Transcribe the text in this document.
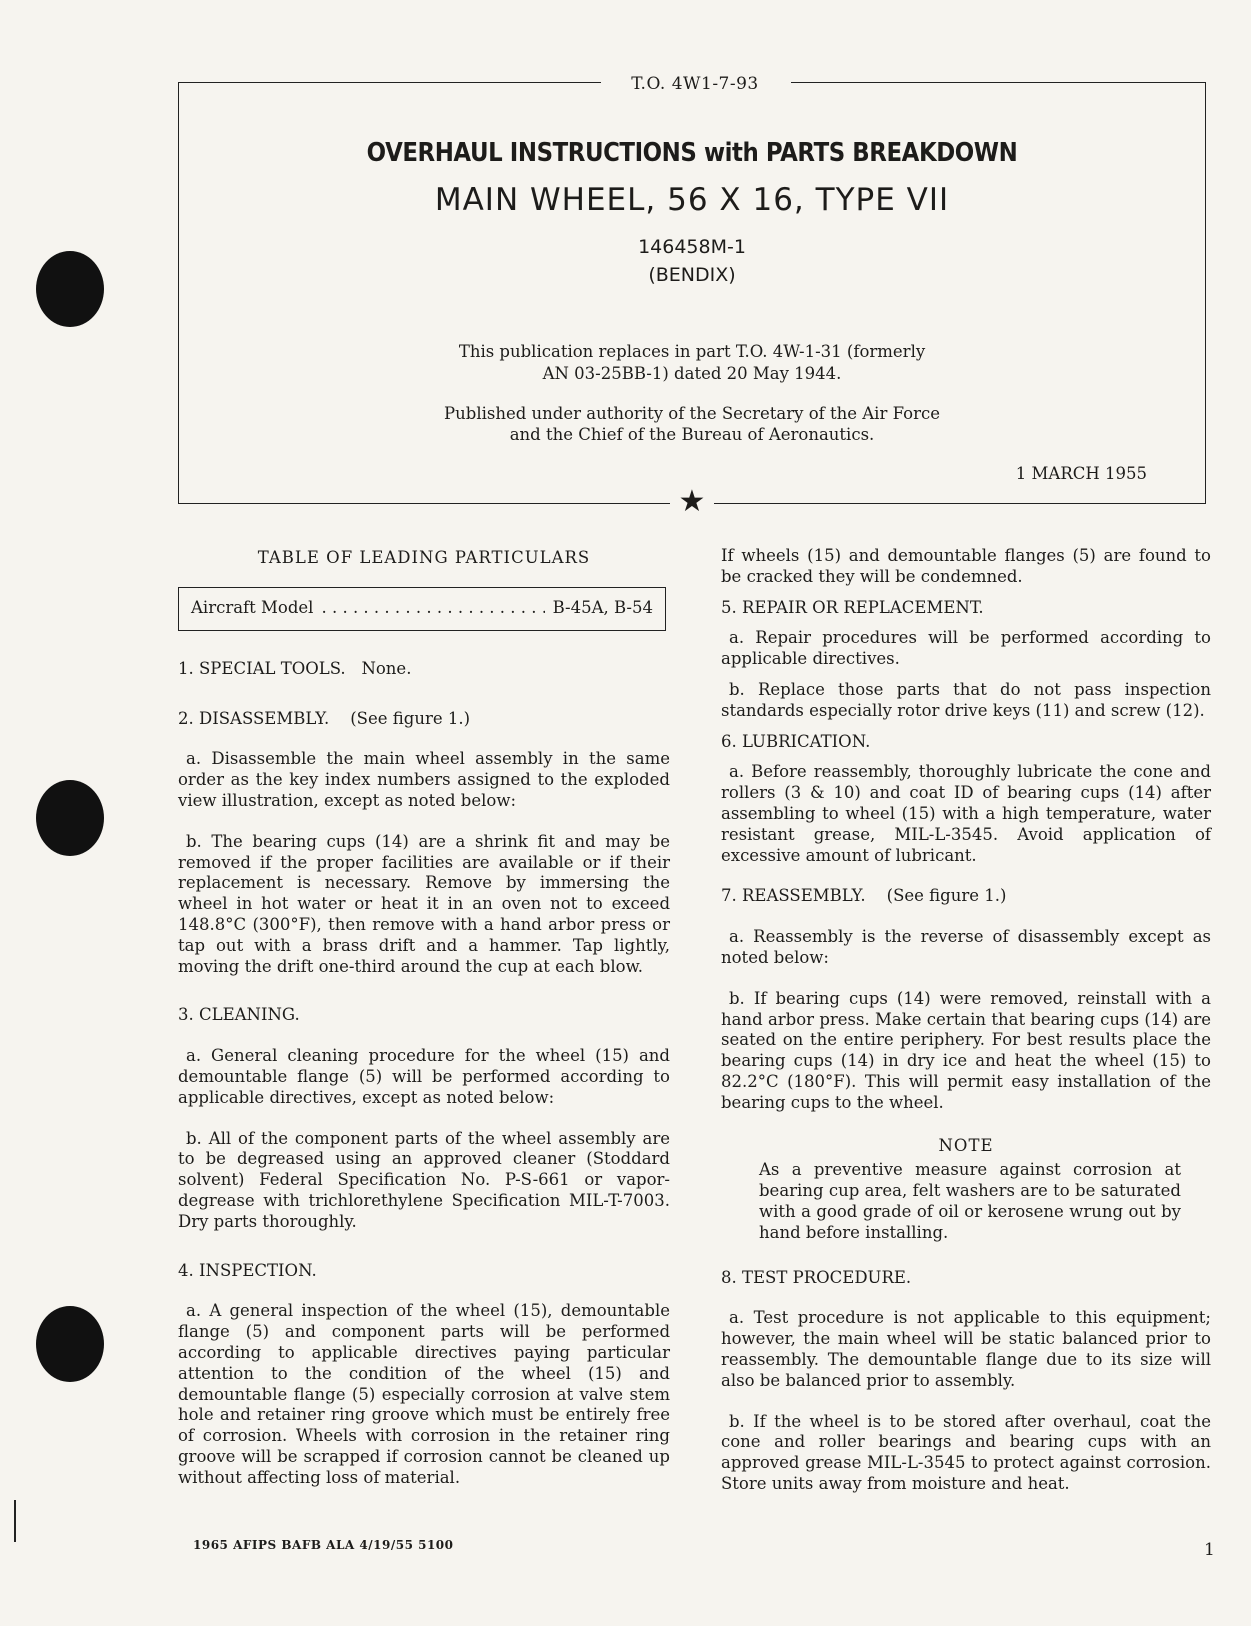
OVERHAUL INSTRUCTIONS with PARTS BREAKDOWN
MAIN WHEEL, 56 X 16, TYPE VII
146458M-1
(BENDIX)
This publication replaces in part T.O. 4W-1-31 (formerly
AN 03-25BB-1) dated 20 May 1944.
Published under authority of the Secretary of the Air Force
and the Chief of the Bureau of Aeronautics.
1 MARCH 1955
T.O. 4W1-7-93
★

TABLE OF LEADING PARTICULARS

Aircraft Model
. . .	B-45A, B-54

1. SPECIAL TOOLS. None.

2. DISASSEMBLY. (See figure 1.)

a. Disassemble the main wheel assembly in the same order as the key index numbers assigned to the exploded view illustration, except as noted below:

b. The bearing cups (14) are a shrink fit and may be removed if the proper facilities are available or if their replacement is necessary. Remove by immersing the wheel in hot water or heat it in an oven not to exceed 148.8°C (300°F), then remove with a hand arbor press or tap out with a brass drift and a hammer. Tap lightly, moving the drift one-third around the cup at each blow.

3. CLEANING.

a. General cleaning procedure for the wheel (15) and demountable flange (5) will be performed according to applicable directives, except as noted below:

b. All of the component parts of the wheel assembly are to be degreased using an approved cleaner (Stoddard solvent) Federal Specification No. P-S-661 or vapor-degrease with trichlorethylene Specification MIL-T-7003. Dry parts thoroughly.

4. INSPECTION.

a. A general inspection of the wheel (15), demountable flange (5) and component parts will be performed according to applicable directives paying particular attention to the condition of the wheel (15) and demountable flange (5) especially corrosion at valve stem hole and retainer ring groove which must be entirely free of corrosion. Wheels with corrosion in the retainer ring groove will be scrapped if corrosion cannot be cleaned up without affecting loss of material.

If wheels (15) and demountable flanges (5) are found to be cracked they will be condemned.

5. REPAIR OR REPLACEMENT.

a. Repair procedures will be performed according to applicable directives.

b. Replace those parts that do not pass inspection standards especially rotor drive keys (11) and screw (12).

6. LUBRICATION.

a. Before reassembly, thoroughly lubricate the cone and rollers (3 & 10) and coat ID of bearing cups (14) after assembling to wheel (15) with a high temperature, water resistant grease, MIL-L-3545. Avoid application of excessive amount of lubricant.

7. REASSEMBLY. (See figure 1.)

a. Reassembly is the reverse of disassembly except as noted below:

b. If bearing cups (14) were removed, reinstall with a hand arbor press. Make certain that bearing cups (14) are seated on the entire periphery. For best results place the bearing cups (14) in dry ice and heat the wheel (15) to 82.2°C (180°F). This will permit easy installation of the bearing cups to the wheel.

NOTE

As a preventive measure against corrosion at bearing cup area, felt washers are to be saturated with a good grade of oil or kerosene wrung out by hand before installing.

8. TEST PROCEDURE.

a. Test procedure is not applicable to this equipment; however, the main wheel will be static balanced prior to reassembly. The demountable flange due to its size will also be balanced prior to assembly.

b. If the wheel is to be stored after overhaul, coat the cone and roller bearings and bearing cups with an approved grease MIL-L-3545 to protect against corrosion. Store units away from moisture and heat.

1965 AFIPS BAFB ALA 4/19/55 5100	1
